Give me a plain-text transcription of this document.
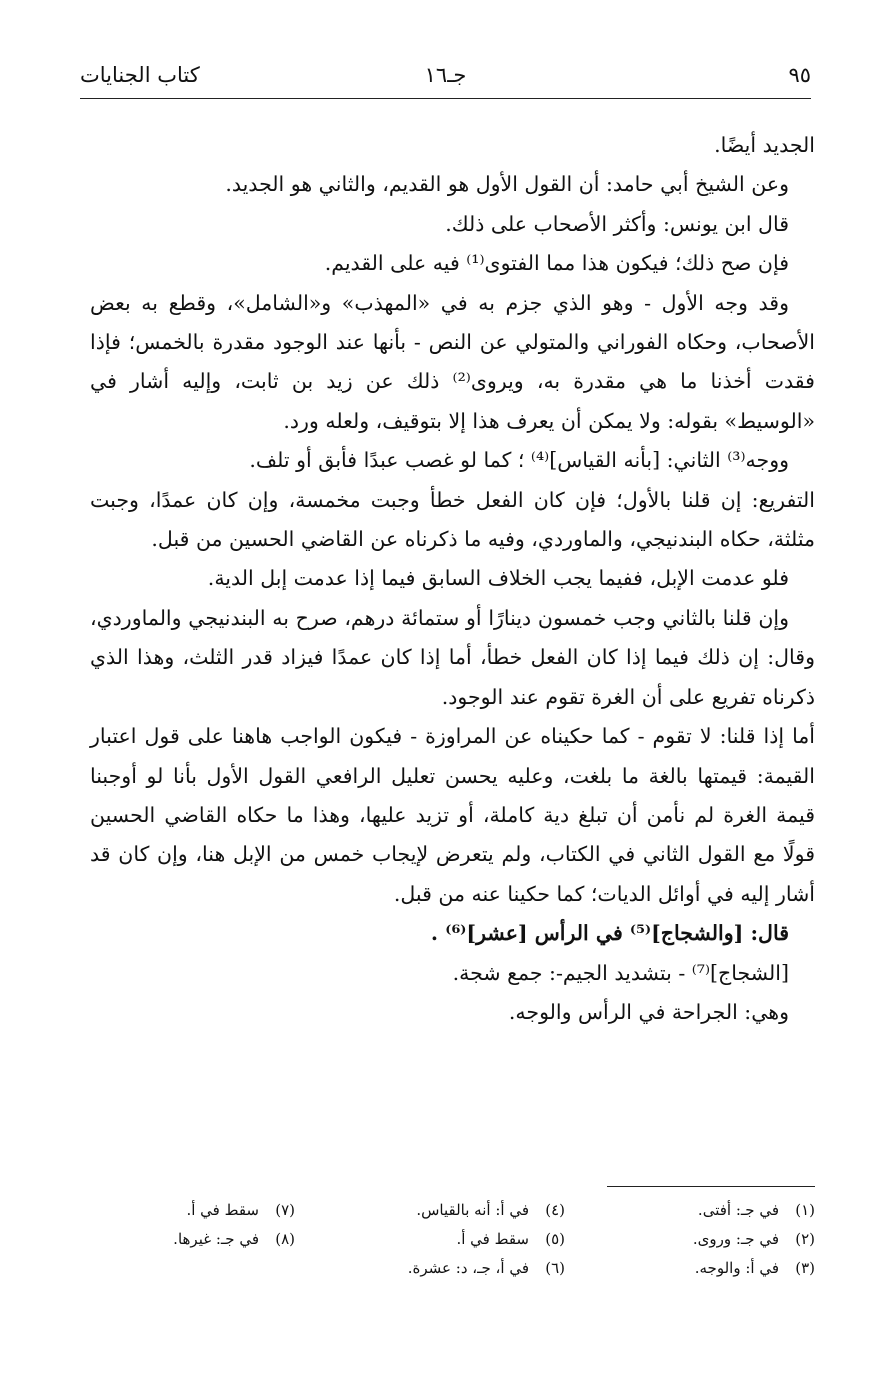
٩٥
جـ١٦
كتاب الجنايات

الجديد أيضًا.

وعن الشيخ أبي حامد: أن القول الأول هو القديم، والثاني هو الجديد.

قال ابن يونس: وأكثر الأصحاب على ذلك.

فإن صح ذلك؛ فيكون هذا مما الفتوى⁽¹⁾ فيه على القديم.

وقد وجه الأول - وهو الذي جزم به في «المهذب» و«الشامل»، وقطع به بعض الأصحاب، وحكاه الفوراني والمتولي عن النص - بأنها عند الوجود مقدرة بالخمس؛ فإذا فقدت أخذنا ما هي مقدرة به، ويروى⁽²⁾ ذلك عن زيد بن ثابت، وإليه أشار في «الوسيط» بقوله: ولا يمكن أن يعرف هذا إلا بتوقيف، ولعله ورد.

ووجه⁽³⁾ الثاني: [بأنه القياس]⁽⁴⁾ ؛ كما لو غصب عبدًا فأبق أو تلف.

التفريع: إن قلنا بالأول؛ فإن كان الفعل خطأ وجبت مخمسة، وإن كان عمدًا، وجبت مثلثة، حكاه البندنيجي، والماوردي، وفيه ما ذكرناه عن القاضي الحسين من قبل.

فلو عدمت الإبل، ففيما يجب الخلاف السابق فيما إذا عدمت إبل الدية.

وإن قلنا بالثاني وجب خمسون دينارًا أو ستمائة درهم، صرح به البندنيجي والماوردي، وقال: إن ذلك فيما إذا كان الفعل خطأ، أما إذا كان عمدًا فيزاد قدر الثلث، وهذا الذي ذكرناه تفريع على أن الغرة تقوم عند الوجود.

أما إذا قلنا: لا تقوم - كما حكيناه عن المراوزة - فيكون الواجب هاهنا على قول اعتبار القيمة: قيمتها بالغة ما بلغت، وعليه يحسن تعليل الرافعي القول الأول بأنا لو أوجبنا قيمة الغرة لم نأمن أن تبلغ دية كاملة، أو تزيد عليها، وهذا ما حكاه القاضي الحسين قولًا مع القول الثاني في الكتاب، ولم يتعرض لإيجاب خمس من الإبل هنا، وإن كان قد أشار إليه في أوائل الديات؛ كما حكينا عنه من قبل.

قال: [والشجاج]⁽⁵⁾ في الرأس [عشر]⁽⁶⁾ .

[الشجاج]⁽⁷⁾ - بتشديد الجيم-: جمع شجة.

وهي: الجراحة في الرأس والوجه.

(١)في جـ: أفتى.
(٢)في جـ: وروى.
(٣)في أ: والوجه.
(٤)في أ: أنه بالقياس.
(٥)سقط في أ.
(٦)في أ، جـ، د: عشرة.
(٧)سقط في أ.
(٨)في جـ: غيرها.
